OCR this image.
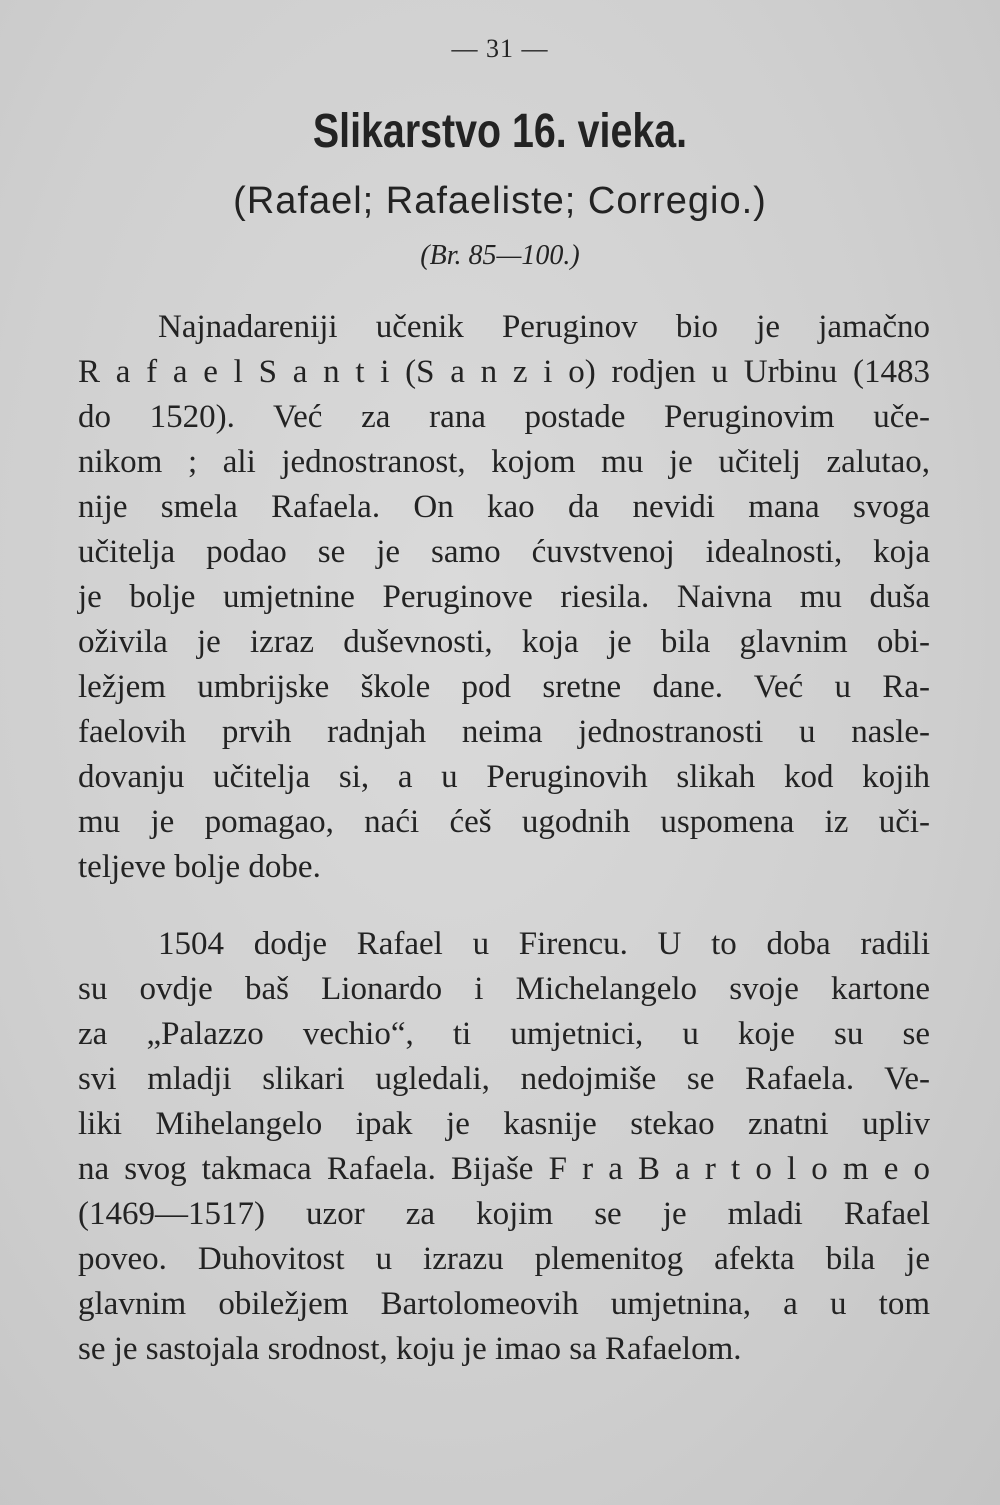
— 31 —
Slikarstvo 16. vieka.
(Rafael; Rafaeliste; Corregio.)
(Br. 85—100.)
Najnadareniji učenik Peruginov bio je jamačno
R a f a e l S a n t i (S a n z i o) rodjen u Urbinu (1483
do 1520). Već za rana postade Peruginovim uče-
nikom ; ali jednostranost, kojom mu je učitelj zalutao,
nije smela Rafaela. On kao da nevidi mana svoga
učitelja podao se je samo ćuvstvenoj idealnosti, koja
je bolje umjetnine Peruginove riesila. Naivna mu duša
oživila je izraz duševnosti, koja je bila glavnim obi-
ležjem umbrijske škole pod sretne dane. Već u Ra-
faelovih prvih radnjah neima jednostranosti u nasle-
dovanju učitelja si, a u Peruginovih slikah kod kojih
mu je pomagao, naći ćeš ugodnih uspomena iz uči-
teljeve bolje dobe.
1504 dodje Rafael u Firencu. U to doba radili
su ovdje baš Lionardo i Michelangelo svoje kartone
za „Palazzo vechio“, ti umjetnici, u koje su se
svi mladji slikari ugledali, nedojmiše se Rafaela. Ve-
liki Mihelangelo ipak je kasnije stekao znatni upliv
na svog takmaca Rafaela. Bijaše F r a B a r t o l o m e o
(1469—1517) uzor za kojim se je mladi Rafael
poveo. Duhovitost u izrazu plemenitog afekta bila je
glavnim obiležjem Bartolomeovih umjetnina, a u tom
se je sastojala srodnost, koju je imao sa Rafaelom.
